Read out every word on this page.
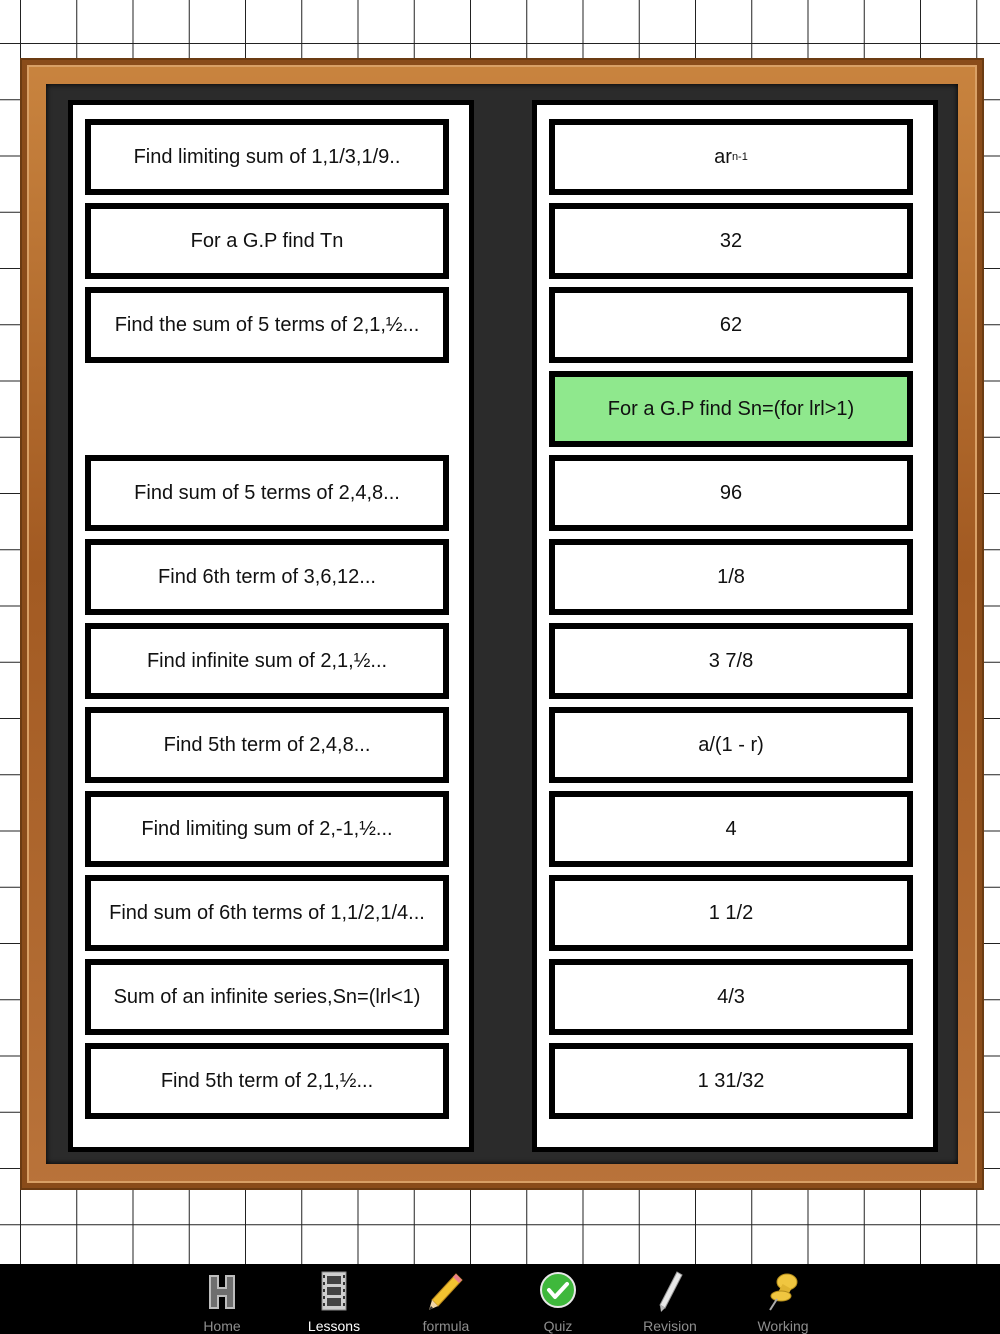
Find limiting sum of 1,1/3,1/9..
For a G.P find Tn
Find the sum of 5 terms of 2,1,½...
Find sum of 5 terms of 2,4,8...
Find 6th term of 3,6,12...
Find infinite sum of 2,1,½...
Find 5th term of 2,4,8...
Find limiting sum of 2,-1,½...
Find sum of 6th terms of 1,1/2,1/4...
Sum of an infinite series,Sn=(lrl<1)
Find 5th term of 2,1,½...
ar n-1
32
62
For a G.P find Sn=(for lrl>1)
96
1/8
3 7/8
a/(1 - r)
4
1 1/2
4/3
1 31/32
Home	Lessons	formula	Quiz	Revision	Working
